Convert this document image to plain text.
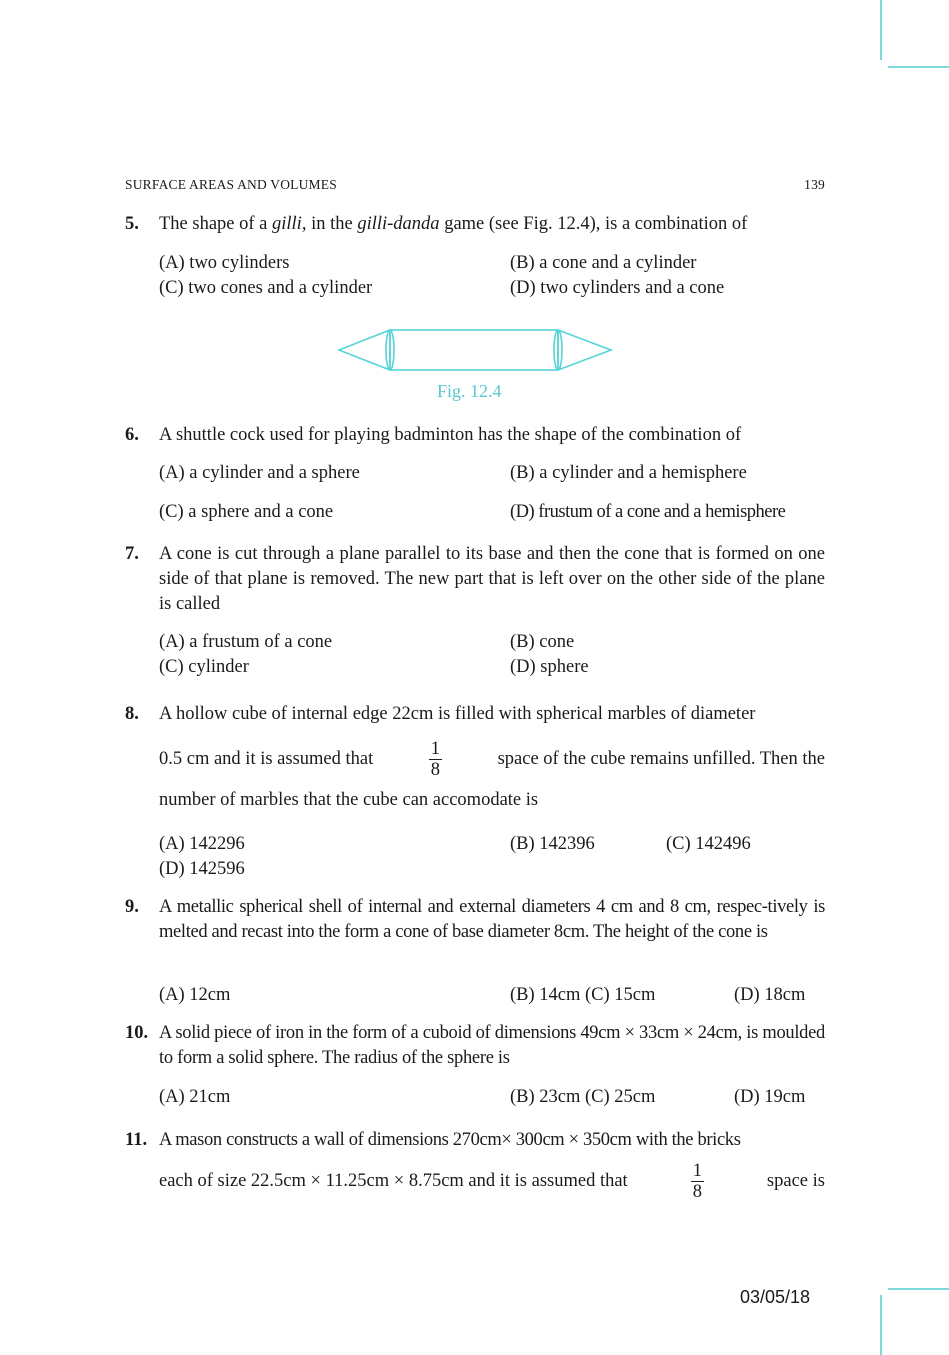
SURFACE AREAS AND VOLUMES	139
5. The shape of a gilli, in the gilli-danda game (see Fig. 12.4), is a combination of
(A) two cylinders	(B) a cone and a cylinder
(C) two cones and a cylinder	(D) two cylinders and a cone
Fig. 12.4
6. A shuttle cock used for playing badminton has the shape of the combination of
(A) a cylinder and a sphere	(B) a cylinder and a hemisphere
(C) a sphere and a cone	(D) frustum of a cone and a hemisphere
7. A cone is cut through a plane parallel to its base and then the cone that is formed on one side of that plane is removed. The new part that is left over on the other side of the plane is called
(A) a frustum of a cone	(B) cone
(C) cylinder	(D) sphere
8. A hollow cube of internal edge 22cm is filled with spherical marbles of diameter
0.5 cm and it is assumed that	$\frac{1}{8}$	space of the cube remains unfilled. Then the
number of marbles that the cube can accomodate is
(A) 142296	(B) 142396	(C) 142496
(D) 142596
9. A metallic spherical shell of internal and external diameters 4 cm and 8 cm, respec-tively is melted and recast into the form a cone of base diameter 8cm. The height of the cone is
(A) 12cm	(B) 14cm (C) 15cm	(D) 18cm
10. A solid piece of iron in the form of a cuboid of dimensions 49cm × 33cm × 24cm, is moulded to form a solid sphere. The radius of the sphere is
(A) 21cm	(B) 23cm (C) 25cm	(D) 19cm
11. A mason constructs a wall of dimensions 270cm× 300cm × 350cm with the bricks
each of size 22.5cm × 11.25cm × 8.75cm and it is assumed that	$\frac{1}{8}$	space is
03/05/18
